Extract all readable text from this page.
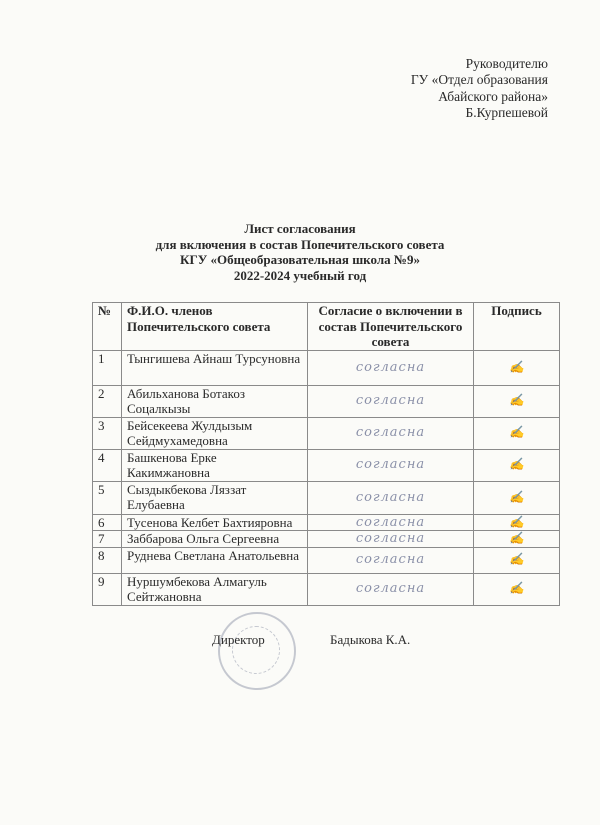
Руководителю
ГУ «Отдел образования
Абайского района»
Б.Курпешевой
Лист согласования
для включения в состав Попечительского совета
КГУ «Общеобразовательная школа №9»
2022-2024 учебный год
№	Ф.И.О. членов Попечительского совета	Согласие о включении в состав Попечительского совета	Подпись
1	Тынгишева Айнаш Турсуновна	согласна	✍
2	Абильханова Ботакоз Соцалкызы	согласна	✍
3	Бейсекеева Жулдызым Сейдмухамедовна	согласна	✍
4	Башкенова Ерке Какимжановна	согласна	✍
5	Сыздыкбекова Ляззат Елубаевна	согласна	✍
6	Тусенова Келбет Бахтияровна	согласна	✍
7	Заббарова Ольга Сергеевна	согласна	✍
8	Руднева Светлана Анатольевна	согласна	✍
9	Нуршумбекова Алмагуль Сейтжановна	согласна	✍
Директор	Бадыкова К.А.
